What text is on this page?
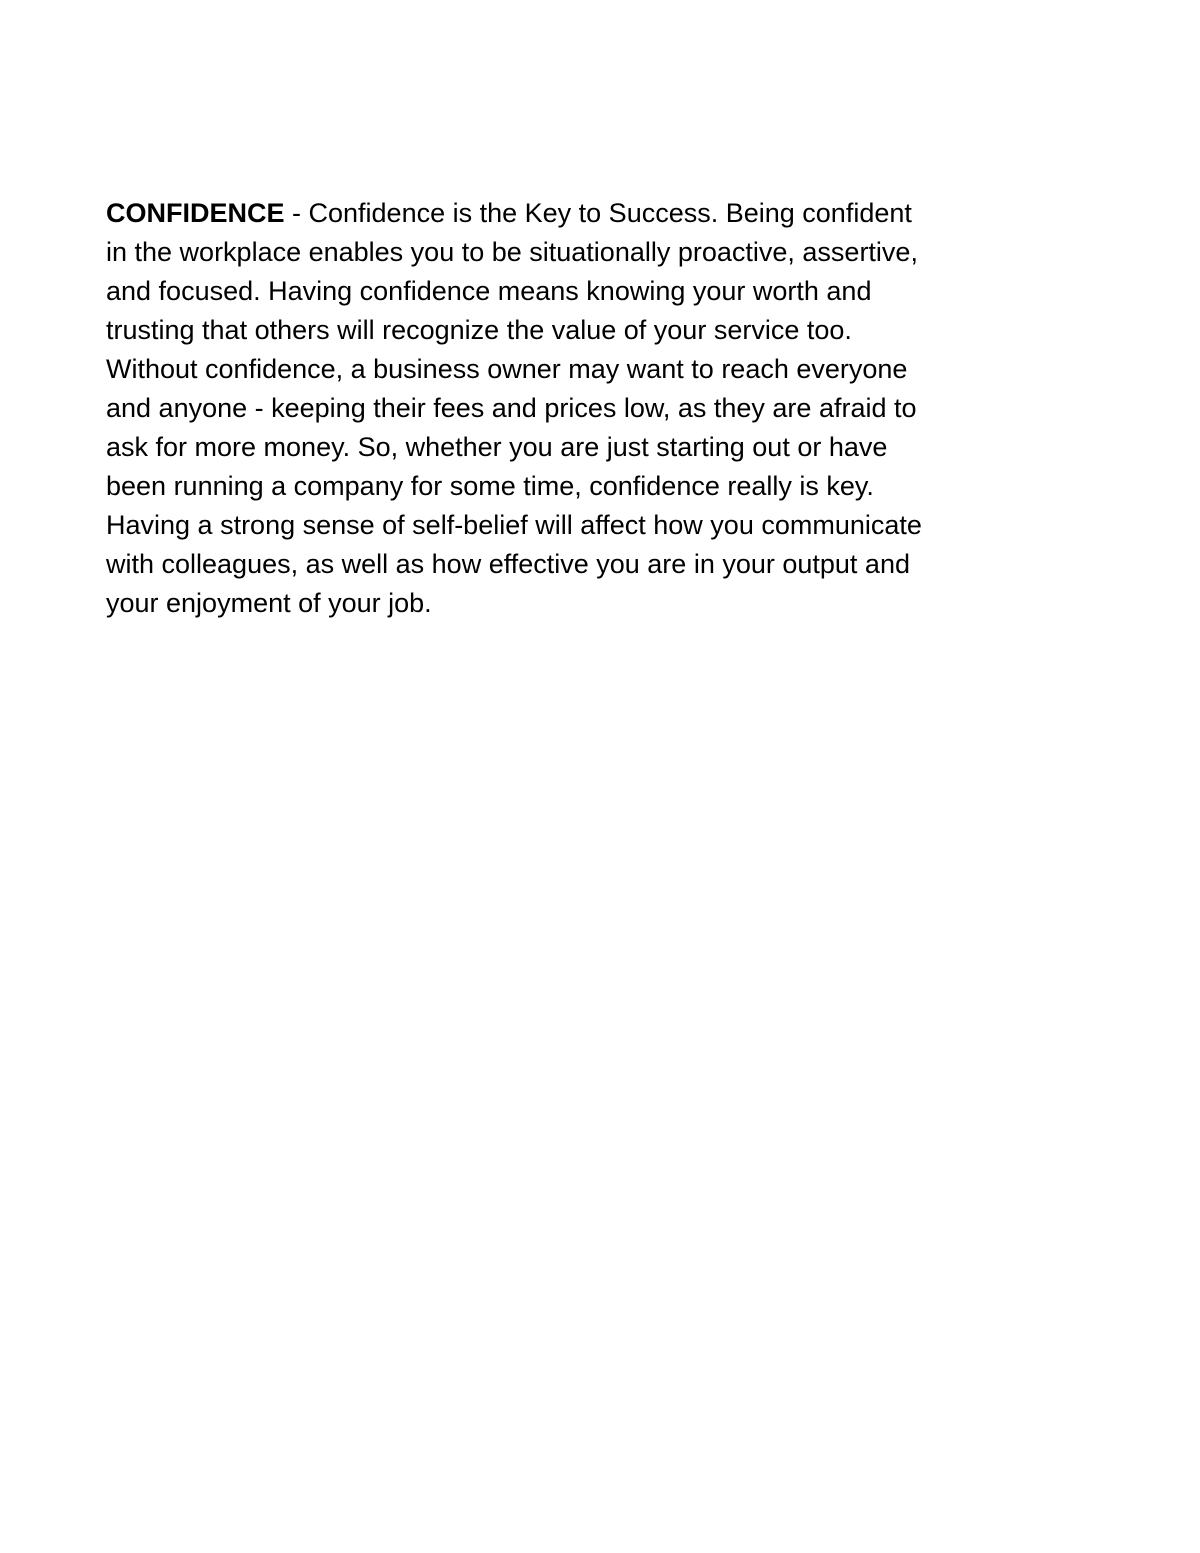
CONFIDENCE - Confidence is the Key to Success. Being confident
in the workplace enables you to be situationally proactive, assertive,
and focused. Having confidence means knowing your worth and
trusting that others will recognize the value of your service too.
Without confidence, a business owner may want to reach everyone
and anyone - keeping their fees and prices low, as they are afraid to
ask for more money. So, whether you are just starting out or have
been running a company for some time, confidence really is key.
Having a strong sense of self-belief will affect how you communicate
with colleagues, as well as how effective you are in your output and
your enjoyment of your job.
